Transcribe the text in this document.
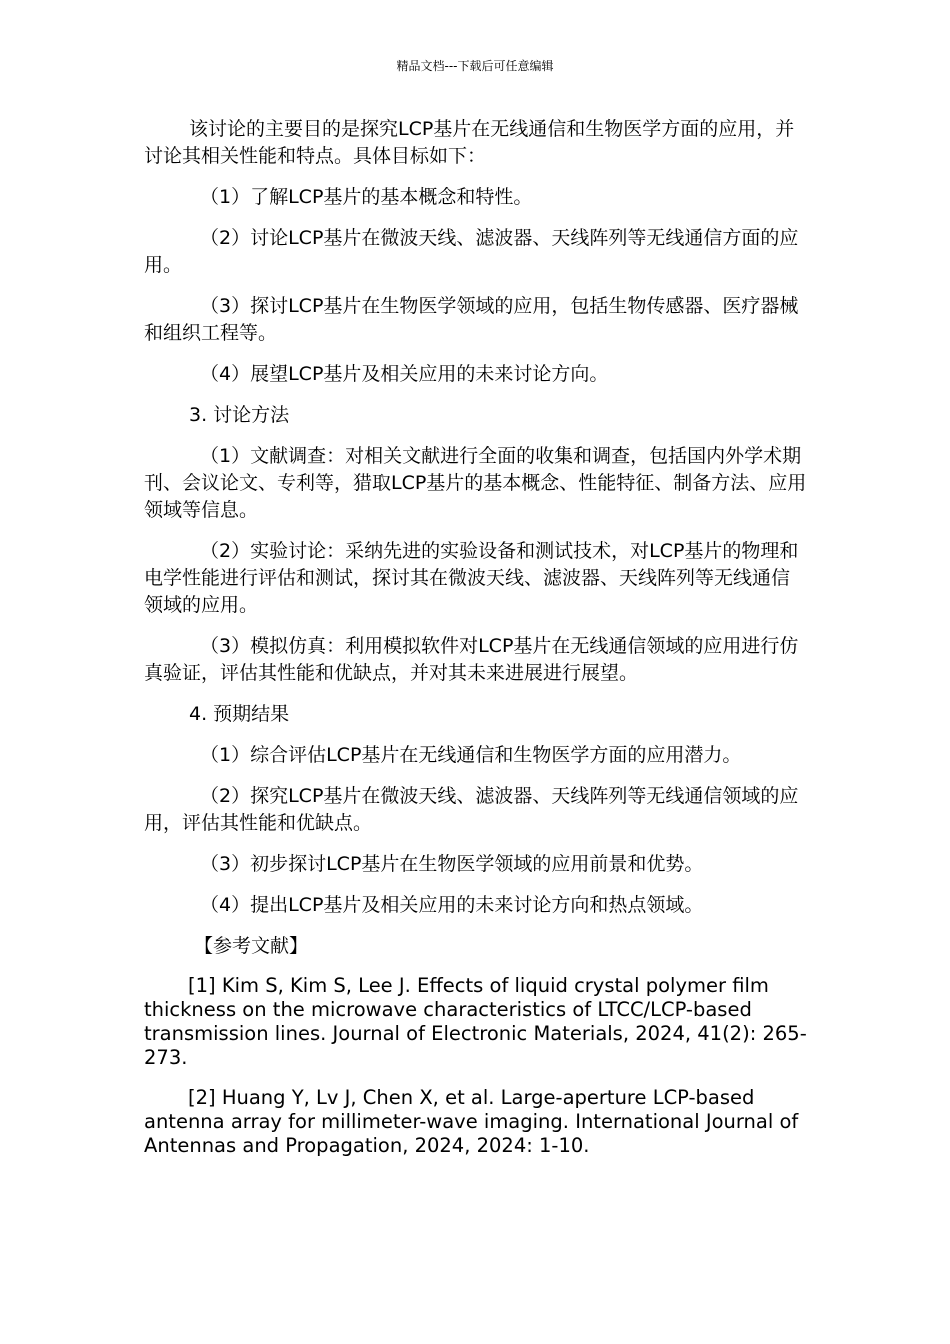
精品文档---下载后可任意编辑

该讨论的主要目的是探究LCP基片在无线通信和生物医学方面的应用，并讨论其相关性能和特点。具体目标如下：

（1）了解LCP基片的基本概念和特性。

（2）讨论LCP基片在微波天线、滤波器、天线阵列等无线通信方面的应用。

（3）探讨LCP基片在生物医学领域的应用，包括生物传感器、医疗器械和组织工程等。

（4）展望LCP基片及相关应用的未来讨论方向。

3. 讨论方法

（1）文献调查：对相关文献进行全面的收集和调查，包括国内外学术期刊、会议论文、专利等，猎取LCP基片的基本概念、性能特征、制备方法、应用领域等信息。

（2）实验讨论：采纳先进的实验设备和测试技术，对LCP基片的物理和电学性能进行评估和测试，探讨其在微波天线、滤波器、天线阵列等无线通信领域的应用。

（3）模拟仿真：利用模拟软件对LCP基片在无线通信领域的应用进行仿真验证，评估其性能和优缺点，并对其未来进展进行展望。

4. 预期结果

（1）综合评估LCP基片在无线通信和生物医学方面的应用潜力。

（2）探究LCP基片在微波天线、滤波器、天线阵列等无线通信领域的应用，评估其性能和优缺点。

（3）初步探讨LCP基片在生物医学领域的应用前景和优势。

（4）提出LCP基片及相关应用的未来讨论方向和热点领域。

【参考文献】

[1] Kim S, Kim S, Lee J. Effects of liquid crystal polymer film thickness on the microwave characteristics of LTCC/LCP-based transmission lines. Journal of Electronic Materials, 2024, 41(2): 265-273.

[2] Huang Y, Lv J, Chen X, et al. Large-aperture LCP-based antenna array for millimeter-wave imaging. International Journal of Antennas and Propagation, 2024, 2024: 1-10.
